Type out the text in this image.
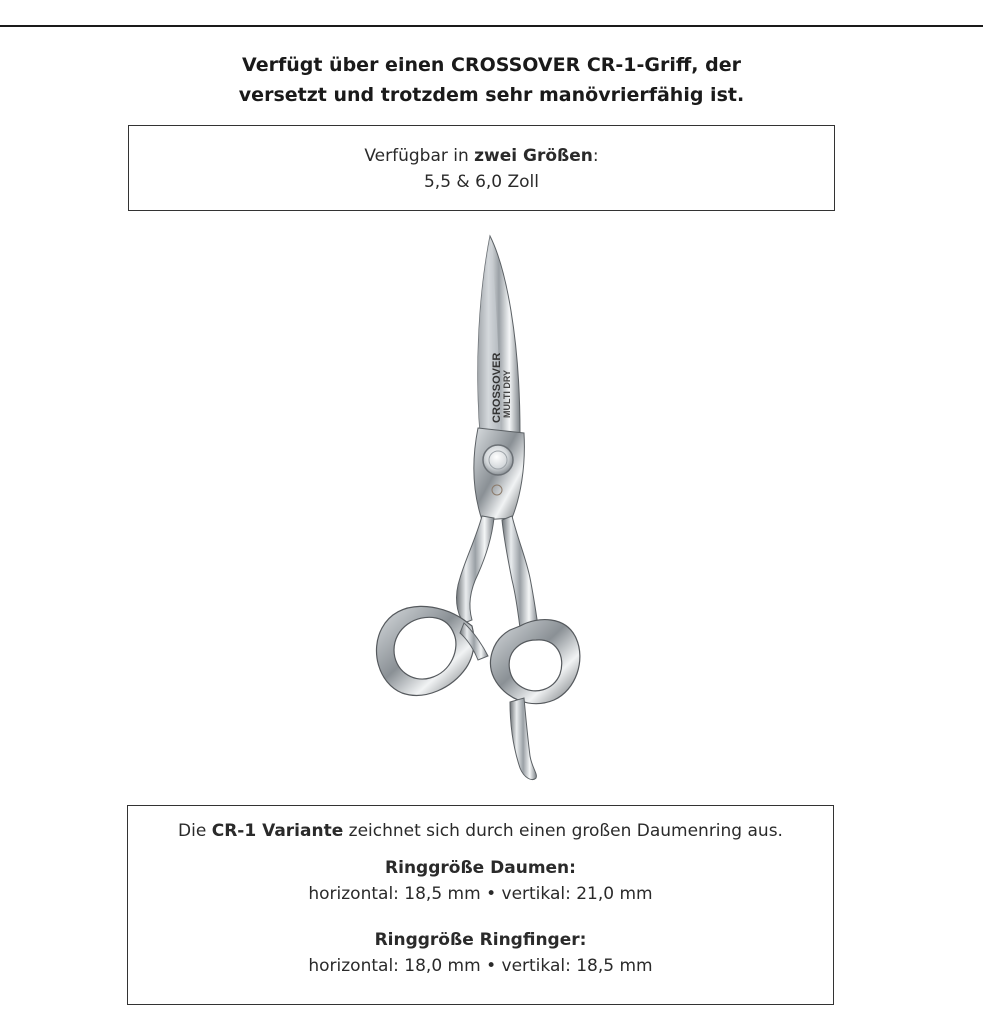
Verfügt über einen CROSSOVER CR-1-Griff, der
versetzt und trotzdem sehr manövrierfähig ist.
Verfügbar in zwei Größen:
5,5 & 6,0 Zoll
MULTI DRY
CROSSOVER
Die CR-1 Variante zeichnet sich durch einen großen Daumenring aus.
Ringgröße Daumen:
horizontal: 18,5 mm • vertikal: 21,0 mm
Ringgröße Ringfinger:
horizontal: 18,0 mm • vertikal: 18,5 mm
